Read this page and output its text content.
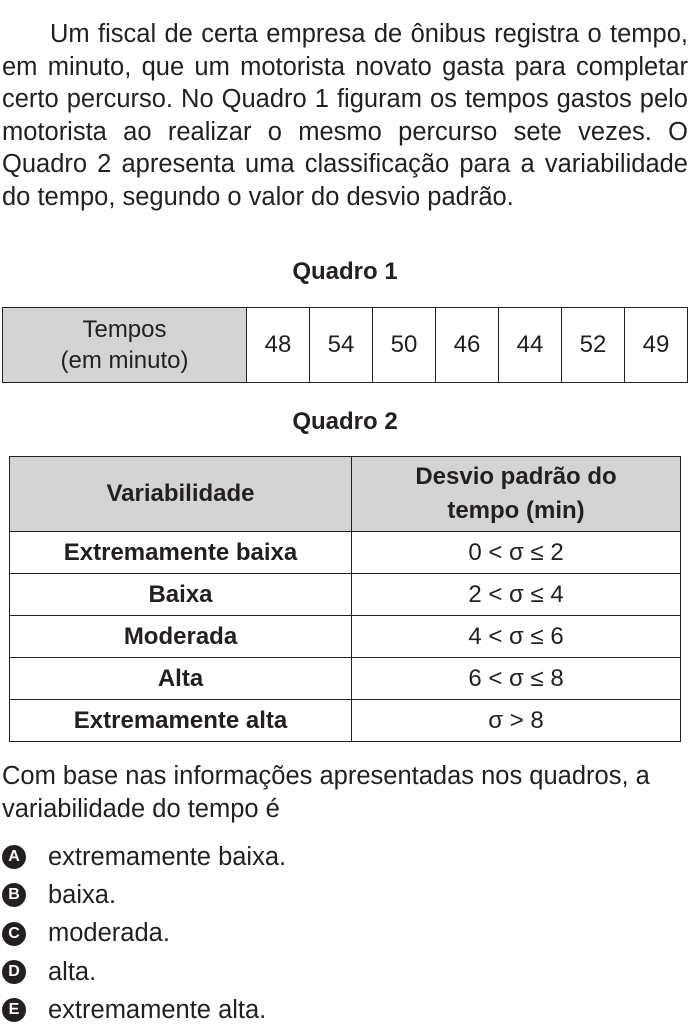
Um fiscal de certa empresa de ônibus registra o tempo, em minuto, que um motorista novato gasta para completar certo percurso. No Quadro 1 figuram os tempos gastos pelo motorista ao realizar o mesmo percurso sete vezes. O Quadro 2 apresenta uma classificação para a variabilidade do tempo, segundo o valor do desvio padrão.

Quadro 1
Tempos
(em minuto)	48	54	50	46	44	52	49
Quadro 2
Variabilidade	Desvio padrão do
tempo (min)
Extremamente baixa	0 < σ ≤ 2
Baixa	2 < σ ≤ 4
Moderada	4 < σ ≤ 6
Alta	6 < σ ≤ 8
Extremamente alta	σ > 8

Com base nas informações apresentadas nos quadros, a variabilidade do tempo é

A extremamente baixa.
B baixa.
C moderada.
D alta.
E extremamente alta.
